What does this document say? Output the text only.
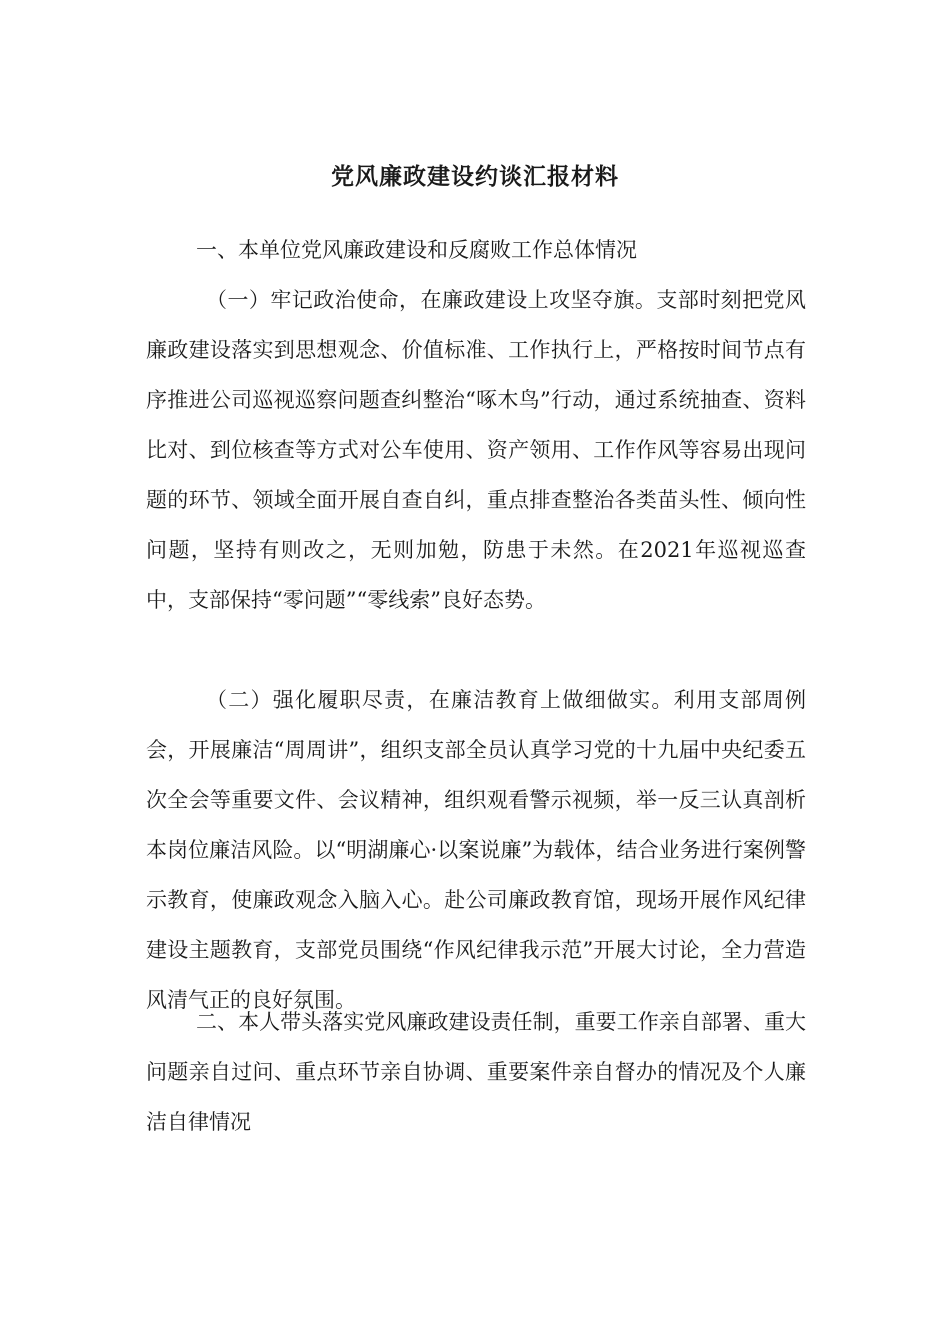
党风廉政建设约谈汇报材料

一、本单位党风廉政建设和反腐败工作总体情况

（一）牢记政治使命，在廉政建设上攻坚夺旗。支部时刻把党风廉政建设落实到思想观念、价值标准、工作执行上，严格按时间节点有序推进公司巡视巡察问题查纠整治“啄木鸟”行动，通过系统抽查、资料比对、到位核查等方式对公车使用、资产领用、工作作风等容易出现问题的环节、领域全面开展自查自纠，重点排查整治各类苗头性、倾向性问题，坚持有则改之，无则加勉，防患于未然。在2021年巡视巡查中，支部保持“零问题”“零线索”良好态势。

（二）强化履职尽责，在廉洁教育上做细做实。利用支部周例会，开展廉洁“周周讲”，组织支部全员认真学习党的十九届中央纪委五次全会等重要文件、会议精神，组织观看警示视频，举一反三认真剖析本岗位廉洁风险。以“明湖廉心·以案说廉”为载体，结合业务进行案例警示教育，使廉政观念入脑入心。赴公司廉政教育馆，现场开展作风纪律建设主题教育，支部党员围绕“作风纪律我示范”开展大讨论，全力营造风清气正的良好氛围。

二、本人带头落实党风廉政建设责任制，重要工作亲自部署、重大问题亲自过问、重点环节亲自协调、重要案件亲自督办的情况及个人廉洁自律情况
